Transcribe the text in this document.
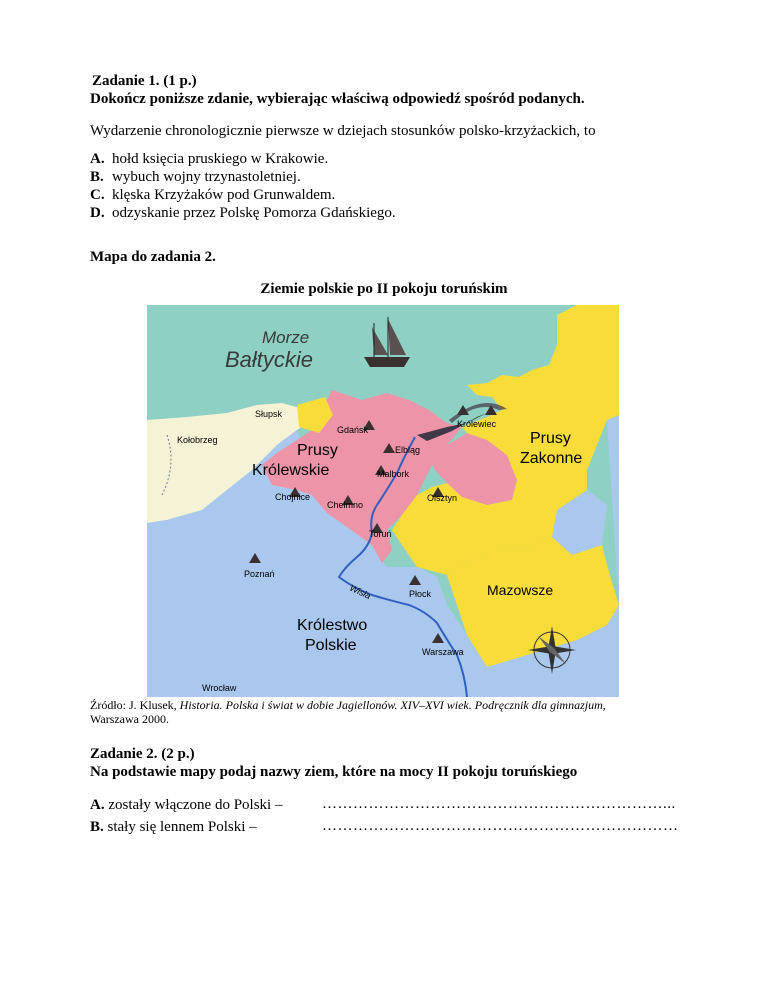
Zadanie 1. (1 p.)
Dokończ poniższe zdanie, wybierając właściwą odpowiedź spośród podanych.
Wydarzenie chronologicznie pierwsze w dziejach stosunków polsko-krzyżackich, to
A. hołd księcia pruskiego w Krakowie.
B. wybuch wojny trzynastoletniej.
C. klęska Krzyżaków pod Grunwaldem.
D. odzyskanie przez Polskę Pomorza Gdańskiego.
Mapa do zadania 2.
Ziemie polskie po II pokoju toruńskim
Morze
Bałtyckie
Prusy
Królewskie
Prusy
Zakonne
Mazowsze
Królestwo
Polskie
Słupsk
Kołobrzeg
Gdańsk
Elbląg
Malbork
Królewiec
Chojnice
Chełmno
Olsztyn
Toruń
Poznań
Płock
Warszawa
Wrocław
Wisła
Źródło: J. Klusek, Historia. Polska i świat w dobie Jagiellonów. XIV–XVI wiek. Podręcznik dla gimnazjum,
Warszawa 2000.
Zadanie 2. (2 p.)
Na podstawie mapy podaj nazwy ziem, które na mocy II pokoju toruńskiego
A. zostały włączone do Polski –	…………………………………………………………...
B. stały się lennem Polski –	……………………………………………………………
